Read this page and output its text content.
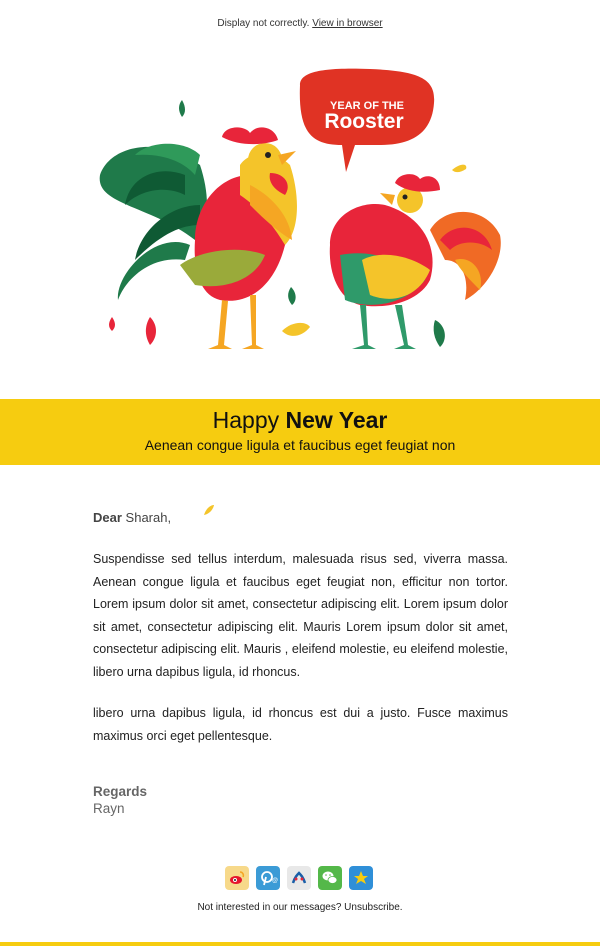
Display not correctly. View in browser
YEAR OF THE
Rooster
Happy New Year
Aenean congue ligula et faucibus eget feugiat non
Dear Sharah,

Suspendisse sed tellus interdum, malesuada risus sed, viverra massa. Aenean congue ligula et faucibus eget feugiat non, efficitur non tortor. Lorem ipsum dolor sit amet, consectetur adipiscing elit. Lorem ipsum dolor sit amet, consectetur adipiscing elit. Mauris Lorem ipsum dolor sit amet, consectetur adipiscing elit. Mauris , eleifend molestie, eu eleifend molestie, libero urna dapibus ligula, id rhoncus.

libero urna dapibus ligula, id rhoncus est dui a justo. Fusce maximus maximus orci eget pellentesque.

Regards
Rayn
@
Not interested in our messages? Unsubscribe.
